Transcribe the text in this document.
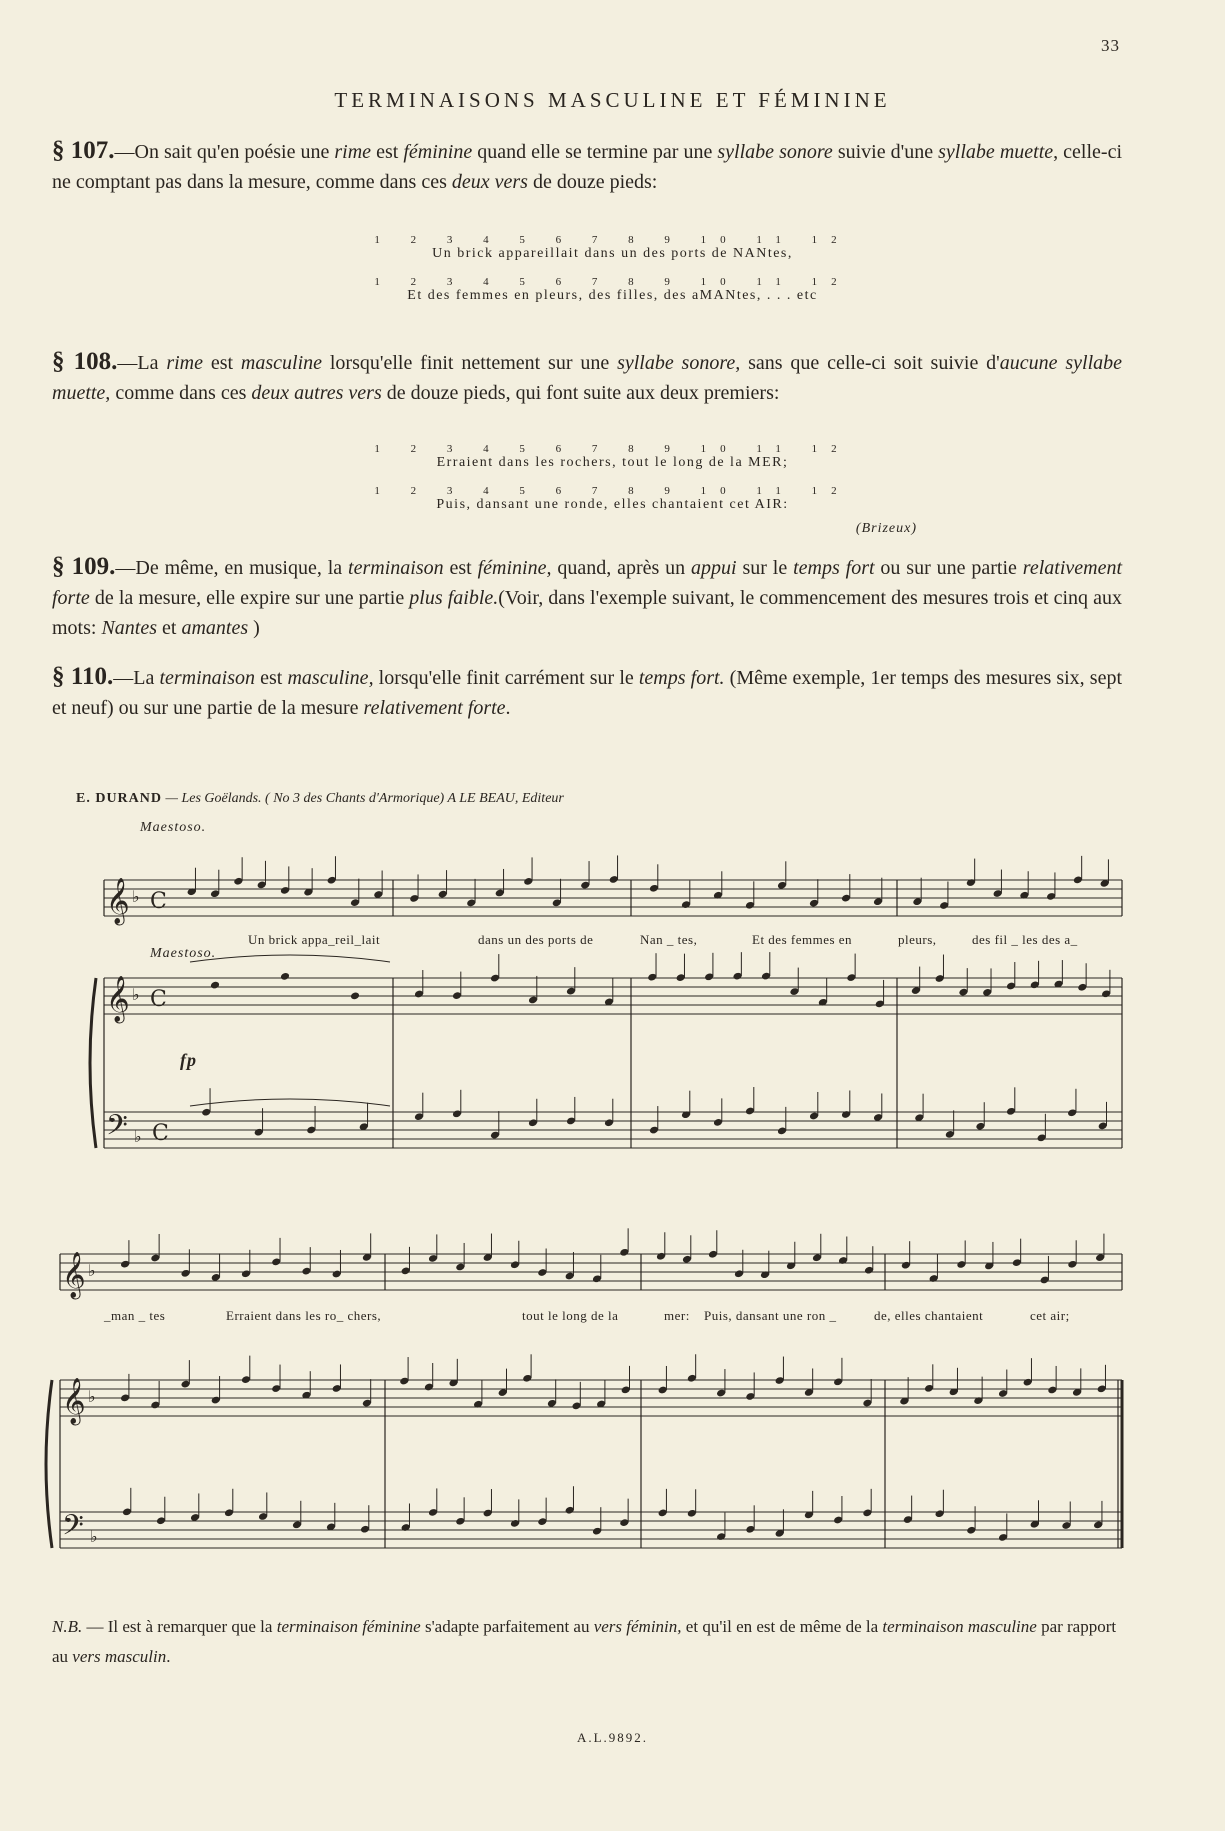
33
TERMINAISONS MASCULINE ET FÉMININE
§ 107.—On sait qu'en poésie une rime est féminine quand elle se termine par une syllabe sonore suivie d'une syllabe muette, celle-ci ne comptant pas dans la mesure, comme dans ces deux vers de douze pieds:
1 2 3 4 5 6 7 8 9 10 11 12
Un brick appareillait dans un des ports de NANtes,
1 2 3 4 5 6 7 8 9 10 11 12
Et des femmes en pleurs, des filles, des aMANtes, . . . etc
§ 108.—La rime est masculine lorsqu'elle finit nettement sur une syllabe sonore, sans que celle-ci soit suivie d'aucune syllabe muette, comme dans ces deux autres vers de douze pieds, qui font suite aux deux premiers:
1 2 3 4 5 6 7 8 9 10 11 12
Erraient dans les rochers, tout le long de la MER;
1 2 3 4 5 6 7 8 9 10 11 12
Puis, dansant une ronde, elles chantaient cet AIR:
(Brizeux)
§ 109.—De même, en musique, la terminaison est féminine, quand, après un appui sur le temps fort ou sur une partie relativement forte de la mesure, elle expire sur une partie plus faible.(Voir, dans l'exemple suivant, le commencement des mesures trois et cinq aux mots: Nantes et amantes )
§ 110.—La terminaison est masculine, lorsqu'elle finit carrément sur le temps fort. (Même exemple, 1er temps des mesures six, sept et neuf) ou sur une partie de la mesure relativement forte.
E. DURAND — Les Goëlands. ( No 3 des Chants d'Armorique) A LE BEAU, Editeur
Maestoso.
Maestoso.
fp
Un brick appa_reil_lait	dans un des ports de	Nan _ tes,	Et des femmes en	pleurs,	des fil _ les des a_
_man _ tes	Erraient dans les ro_ chers,	tout le long de la	mer: Puis, dansant une ron _	de, elles chantaient	cet air;
𝄞
𝄞
𝄢
♭
♭
♭
C
C
C
𝄞
𝄞
𝄢
♭
♭
♭
N.B. — Il est à remarquer que la terminaison féminine s'adapte parfaitement au vers féminin, et qu'il en est de même de la terminaison masculine par rapport au vers masculin.
A.L.9892.
